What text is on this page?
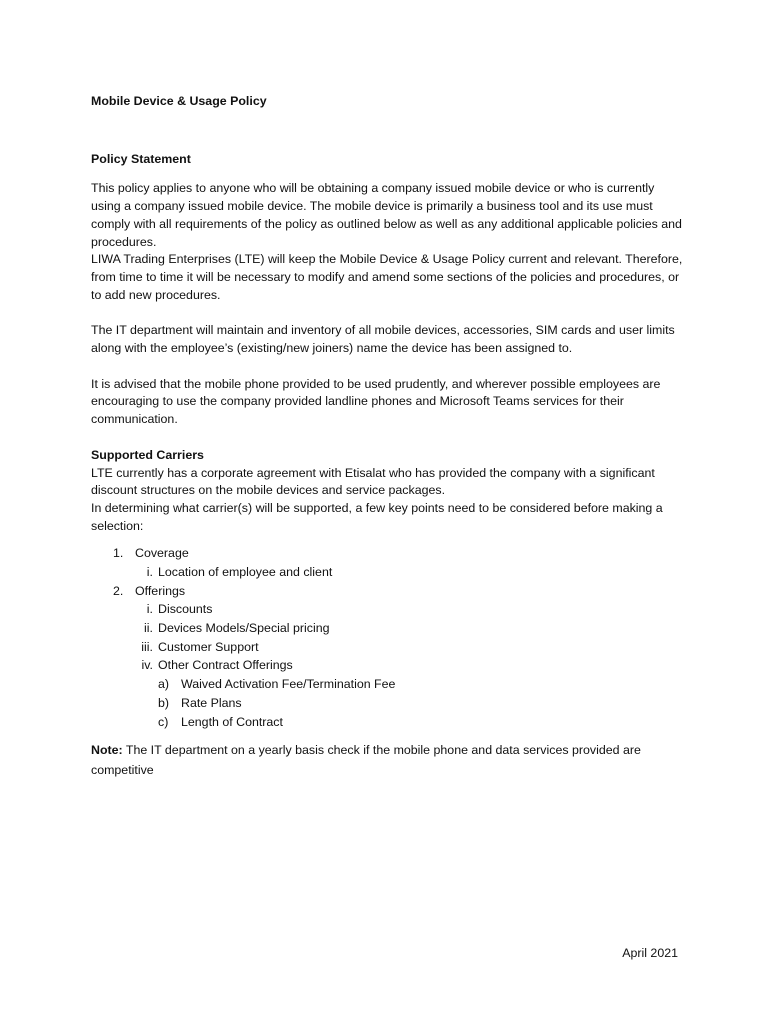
Mobile Device & Usage Policy

Policy Statement

This policy applies to anyone who will be obtaining a company issued mobile device or who is currently using a company issued mobile device. The mobile device is primarily a business tool and its use must comply with all requirements of the policy as outlined below as well as any additional applicable policies and procedures.

LIWA Trading Enterprises (LTE) will keep the Mobile Device & Usage Policy current and relevant. Therefore, from time to time it will be necessary to modify and amend some sections of the policies and procedures, or to add new procedures.

The IT department will maintain and inventory of all mobile devices, accessories, SIM cards and user limits along with the employee’s (existing/new joiners) name the device has been assigned to.

It is advised that the mobile phone provided to be used prudently, and wherever possible employees are encouraging to use the company provided landline phones and Microsoft Teams services for their communication.

Supported Carriers

LTE currently has a corporate agreement with Etisalat who has provided the company with a significant discount structures on the mobile devices and service packages.

In determining what carrier(s) will be supported, a few key points need to be considered before making a selection:

1. Coverage
i. Location of employee and client
2. Offerings
i. Discounts
ii. Devices Models/Special pricing
iii. Customer Support
iv. Other Contract Offerings
a) Waived Activation Fee/Termination Fee
b) Rate Plans
c) Length of Contract

Note: The IT department on a yearly basis check if the mobile phone and data services provided are competitive

April 2021
